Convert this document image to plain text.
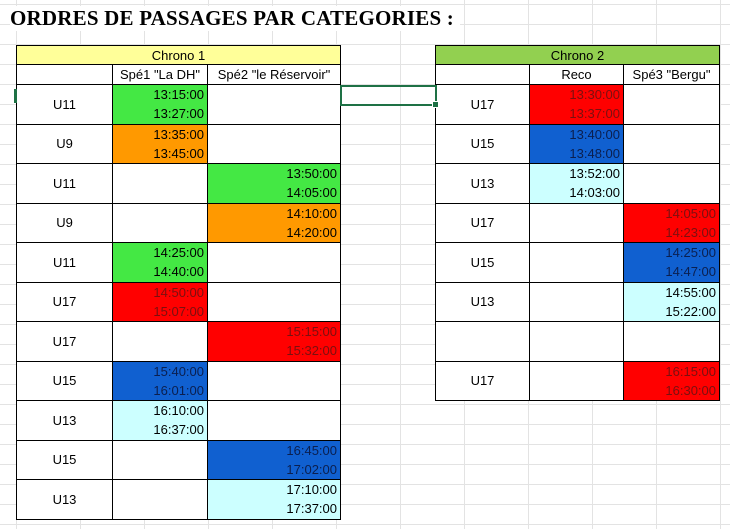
ORDRES DE PASSAGES PAR CATEGORIES :
Chrono 1
Spé1 "La DH"	Spé2 "le Réservoir"
U11
13:15:00
13:27:00
U9
13:35:00
13:45:00
U11
13:50:00
14:05:00
U9
14:10:00
14:20:00
U11
14:25:00
14:40:00
U17
14:50:00
15:07:00
U17
15:15:00
15:32:00
U15
15:40:00
16:01:00
U13
16:10:00
16:37:00
U15
16:45:00
17:02:00
U13
17:10:00
17:37:00
Chrono 2
Reco	Spé3 "Bergu"
U17
13:30:00
13:37:00
U15
13:40:00
13:48:00
U13
13:52:00
14:03:00
U17
14:05:00
14:23:00
U15
14:25:00
14:47:00
U13
14:55:00
15:22:00
U17
16:15:00
16:30:00
